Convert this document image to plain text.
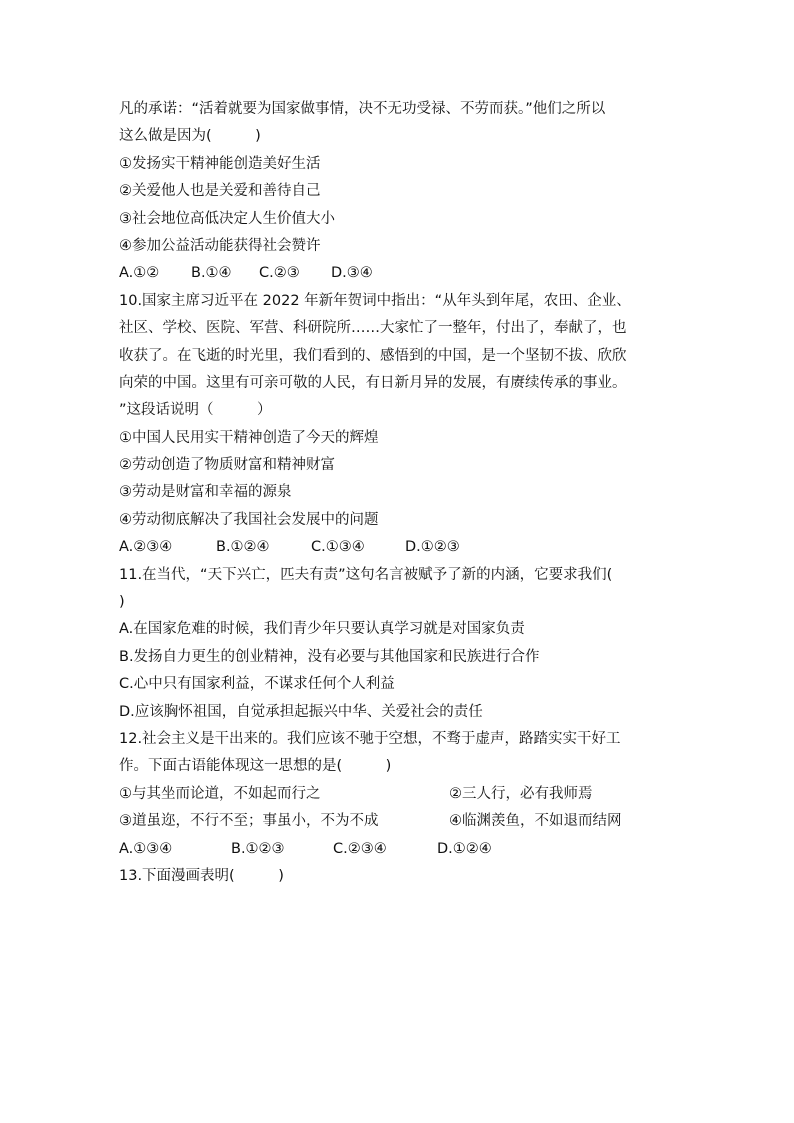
凡的承诺：“活着就要为国家做事情，决不无功受禄、不劳而获。”他们之所以
这么做是因为(　　　)
①发扬实干精神能创造美好生活
②关爱他人也是关爱和善待自己
③社会地位高低决定人生价值大小
④参加公益活动能获得社会赞许
A.①②	B.①④	C.②③	D.③④
10.国家主席习近平在 2022 年新年贺词中指出：“从年头到年尾，农田、企业、
社区、学校、医院、军营、科研院所……大家忙了一整年，付出了，奉献了，也
收获了。在飞逝的时光里，我们看到的、感悟到的中国，是一个坚韧不拔、欣欣
向荣的中国。这里有可亲可敬的人民，有日新月异的发展，有赓续传承的事业。
”这段话说明（　　　）
①中国人民用实干精神创造了今天的辉煌
②劳动创造了物质财富和精神财富
③劳动是财富和幸福的源泉
④劳动彻底解决了我国社会发展中的问题
A.②③④	B.①②④	C.①③④	D.①②③
11.在当代，“天下兴亡，匹夫有责”这句名言被赋予了新的内涵，它要求我们(
)
A.在国家危难的时候，我们青少年只要认真学习就是对国家负责
B.发扬自力更生的创业精神，没有必要与其他国家和民族进行合作
C.心中只有国家利益，不谋求任何个人利益
D.应该胸怀祖国，自觉承担起振兴中华、关爱社会的责任
12.社会主义是干出来的。我们应该不驰于空想，不骛于虚声，路踏实实干好工
作。下面古语能体现这一思想的是(　　　)
①与其坐而论道，不如起而行之	②三人行，必有我师焉
③道虽迩，不行不至；事虽小，不为不成	④临渊羡鱼，不如退而结网
A.①③④	B.①②③	C.②③④	D.①②④
13.下面漫画表明(　　　)
